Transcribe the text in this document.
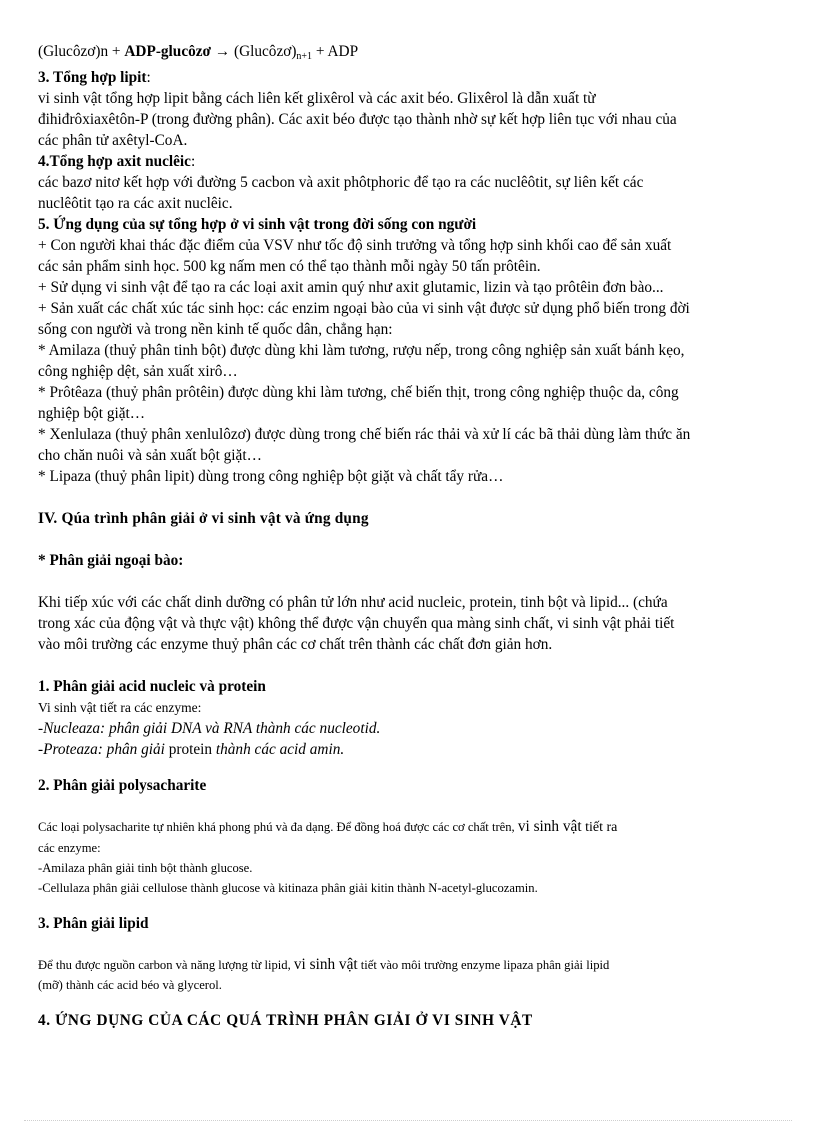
(Glucôzơ)n + ADP-glucôzơ → $(Glucôzơ)_{n+1}$ + ADP

3. Tổng hợp lipit:

vi sinh vật tổng hợp lipit bằng cách liên kết glixêrol và các axit béo. Glixêrol là dẫn xuất từ

đihiđrôxiaxêtôn-P (trong đường phân). Các axit béo được tạo thành nhờ sự kết hợp liên tục với nhau của

các phân tử axêtyl-CoA.

4.Tổng hợp axit nuclêic:

các bazơ nitơ kết hợp với đường 5 cacbon và axit phôtphoric để tạo ra các nuclêôtit, sự liên kết các

nuclêôtit tạo ra các axit nuclêic.

5. Ứng dụng của sự tổng hợp ở vi sinh vật trong đời sống con người

+ Con người khai thác đặc điểm của VSV như tốc độ sinh trưởng và tổng hợp sinh khối cao để sản xuất

các sản phẩm sinh học. 500 kg nấm men có thể tạo thành mỗi ngày 50 tấn prôtêin.

+ Sử dụng vi sinh vật để tạo ra các loại axit amin quý như axit glutamic, lizin và tạo prôtêin đơn bào...

+ Sản xuất các chất xúc tác sinh học: các enzim ngoại bào của vi sinh vật được sử dụng phổ biến trong đời

sống con người và trong nền kinh tế quốc dân, chẳng hạn:

* Amilaza (thuỷ phân tinh bột) được dùng khi làm tương, rượu nếp, trong công nghiệp sản xuất bánh kẹo,

công nghiệp dệt, sản xuất xirô…

* Prôtêaza (thuỷ phân prôtêin) được dùng khi làm tương, chế biến thịt, trong công nghiệp thuộc da, công

nghiệp bột giặt…

* Xenlulaza (thuỷ phân xenlulôzơ) được dùng trong chế biến rác thải và xử lí các bã thải dùng làm thức ăn

cho chăn nuôi và sản xuất bột giặt…

* Lipaza (thuỷ phân lipit) dùng trong công nghiệp bột giặt và chất tẩy rửa…

IV. Qúa trình phân giải ở vi sinh vật và ứng dụng

* Phân giải ngoại bào:

Khi tiếp xúc với các chất dinh dưỡng có phân tử lớn như acid nucleic, protein, tinh bột và lipid... (chứa

trong xác của động vật và thực vật) không thể được vận chuyển qua màng sinh chất, vi sinh vật phải tiết

vào môi trường các enzyme thuỷ phân các cơ chất trên thành các chất đơn giản hơn.

1. Phân giải acid nucleic và protein

Vi sinh vật tiết ra các enzyme:

-Nucleaza: phân giải DNA và RNA thành các nucleotid.

-Proteaza: phân giải protein thành các acid amin.

2. Phân giải polysacharite

Các loại polysacharite tự nhiên khá phong phú và đa dạng. Để đồng hoá được các cơ chất trên, vi sinh vật tiết ra

các enzyme:

-Amilaza phân giải tinh bột thành glucose.

-Cellulaza phân giải cellulose thành glucose và kitinaza phân giải kitin thành N-acetyl-glucozamin.

3. Phân giải lipid

Để thu được nguồn carbon và năng lượng từ lipid, vi sinh vật tiết vào môi trường enzyme lipaza phân giải lipid

(mỡ) thành các acid béo và glycerol.

4. ỨNG DỤNG CỦA CÁC QUÁ TRÌNH PHÂN GIẢI Ở VI SINH VẬT
